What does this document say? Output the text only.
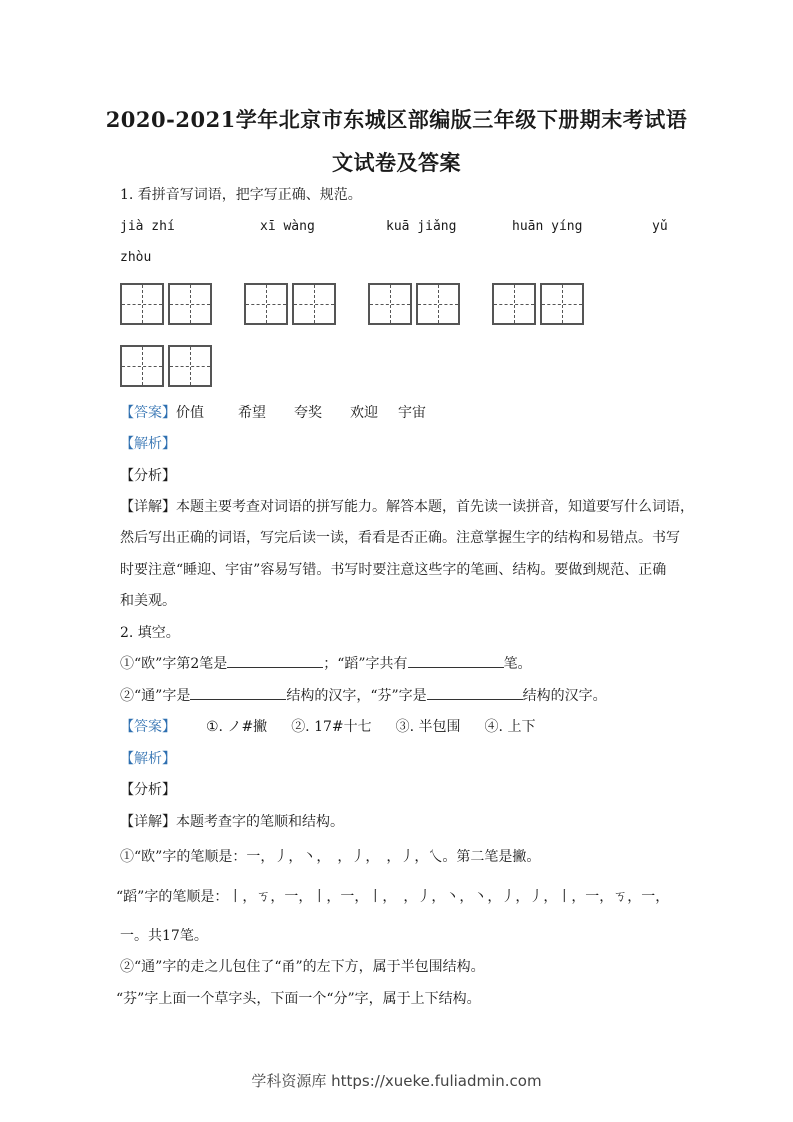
2020-2021学年北京市东城区部编版三年级下册期末考试语
文试卷及答案
1. 看拼音写词语，把字写正确、规范。
jià zhí	xī wàng	kuā jiǎng	huān yíng	yǔ
zhòu
【答案】价值 希望 夸奖 欢迎 宇宙
【解析】
【分析】
【详解】本题主要考查对词语的拼写能力。解答本题，首先读一读拼音，知道要写什么词语，
然后写出正确的词语，写完后读一读，看看是否正确。注意掌握生字的结构和易错点。书写
时要注意“睡迎、宇宙”容易写错。书写时要注意这些字的笔画、结构。要做到规范、正确
和美观。
2. 填空。
①“欧”字第2笔是	；“蹈”字共有	笔。
②“通”字是	结构的汉字，“芬”字是	结构的汉字。
【答案】 ①. ノ#撇 ②. 17#十七 ③. 半包围 ④. 上下
【解析】
【分析】
【详解】本题考查字的笔顺和结构。
①“欧”字的笔顺是：一，丿，丶，　，丿，　，丿，乀。第二笔是撇。
“蹈”字的笔顺是：丨，ㄎ，一，丨，一，丨，　，丿，丶，丶，丿，丿，丨，一，ㄎ，一，
一。共17笔。
②“通”字的走之儿包住了“甬”的左下方，属于半包围结构。
“芬”字上面一个草字头，下面一个“分”字，属于上下结构。
学科资源库 https://xueke.fuliadmin.com
